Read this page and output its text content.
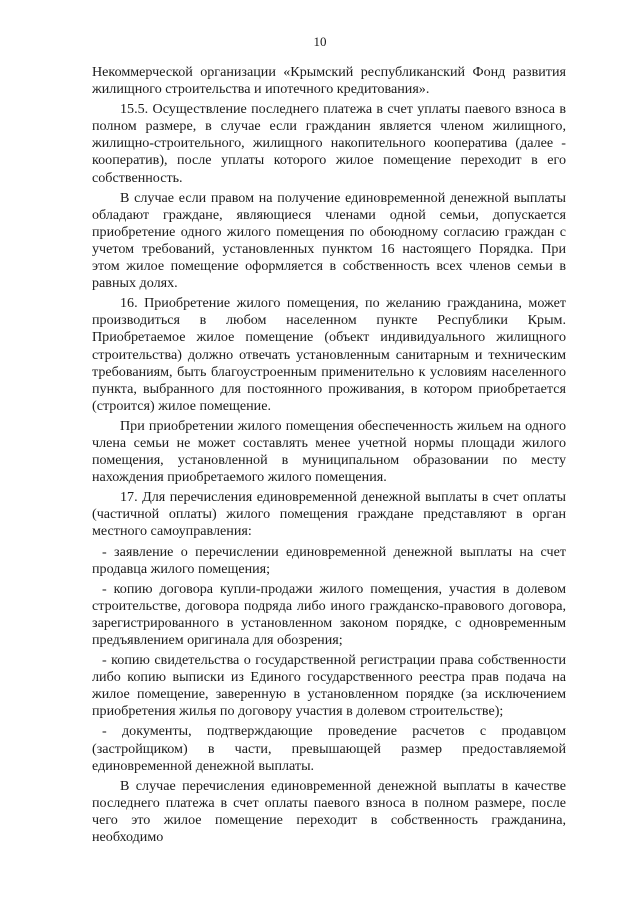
10

Некоммерческой организации «Крымский республиканский Фонд развития жилищного строительства и ипотечного кредитования».

15.5. Осуществление последнего платежа в счет уплаты паевого взноса в полном размере, в случае если гражданин является членом жилищного, жилищно-строительного, жилищного накопительного кооператива (далее - кооператив), после уплаты которого жилое помещение переходит в его собственность.

В случае если правом на получение единовременной денежной выплаты обладают граждане, являющиеся членами одной семьи, допускается приобретение одного жилого помещения по обоюдному согласию граждан с учетом требований, установленных пунктом 16 настоящего Порядка. При этом жилое помещение оформляется в собственность всех членов семьи в равных долях.

16. Приобретение жилого помещения, по желанию гражданина, может производиться в любом населенном пункте Республики Крым. Приобретаемое жилое помещение (объект индивидуального жилищного строительства) должно отвечать установленным санитарным и техническим требованиям, быть благоустроенным применительно к условиям населенного пункта, выбранного для постоянного проживания, в котором приобретается (строится) жилое помещение.

При приобретении жилого помещения обеспеченность жильем на одного члена семьи не может составлять менее учетной нормы площади жилого помещения, установленной в муниципальном образовании по месту нахождения приобретаемого жилого помещения.

17. Для перечисления единовременной денежной выплаты в счет оплаты (частичной оплаты) жилого помещения граждане представляют в орган местного самоуправления:

- заявление о перечислении единовременной денежной выплаты на счет продавца жилого помещения;

- копию договора купли-продажи жилого помещения, участия в долевом строительстве, договора подряда либо иного гражданско-правового договора, зарегистрированного в установленном законом порядке, с одновременным предъявлением оригинала для обозрения;

- копию свидетельства о государственной регистрации права собственности либо копию выписки из Единого государственного реестра прав подача на жилое помещение, заверенную в установленном порядке (за исключением приобретения жилья по договору участия в долевом строительстве);

- документы, подтверждающие проведение расчетов с продавцом (застройщиком) в части, превышающей размер предоставляемой единовременной денежной выплаты.

В случае перечисления единовременной денежной выплаты в качестве последнего платежа в счет оплаты паевого взноса в полном размере, после чего это жилое помещение переходит в собственность гражданина, необходимо
